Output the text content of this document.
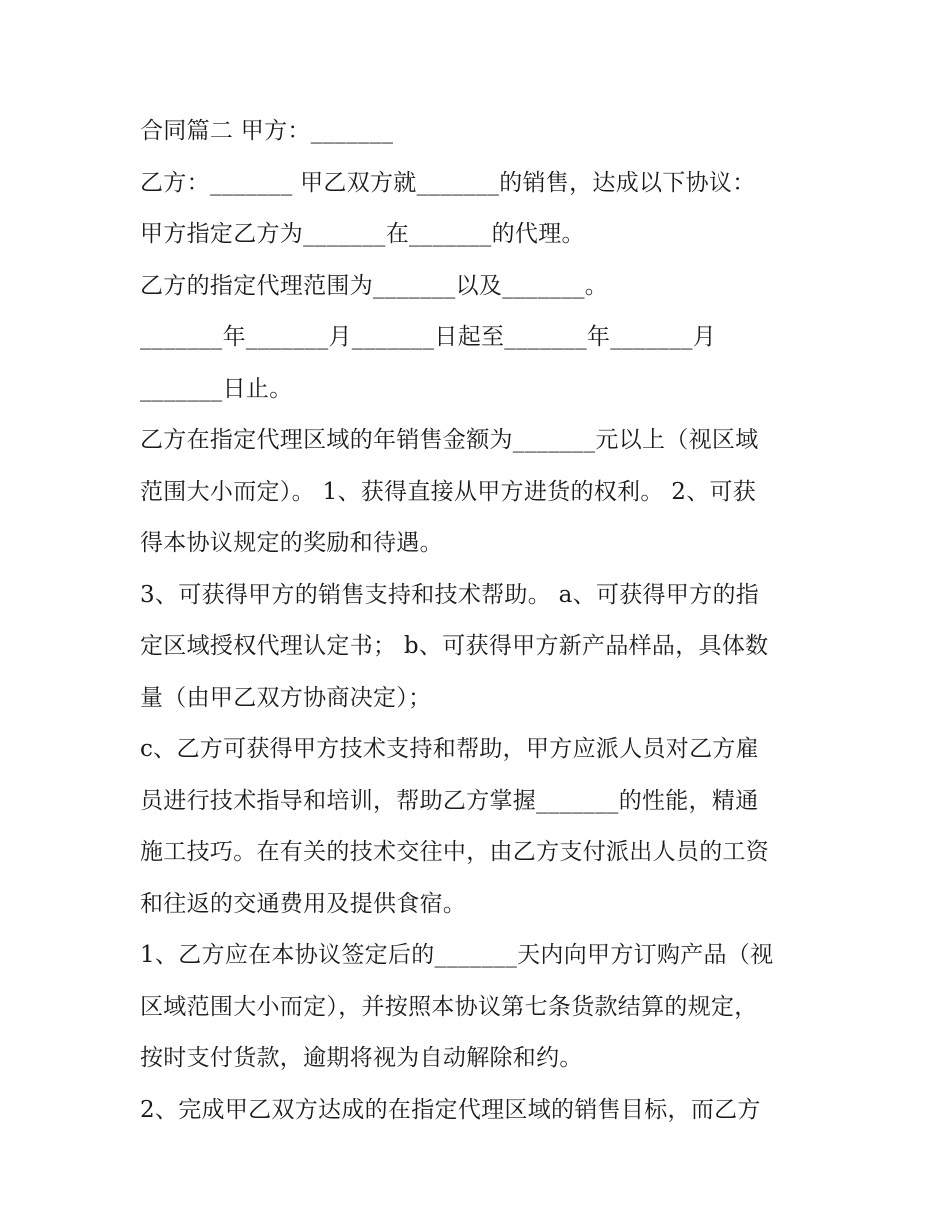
合同篇二 甲方：_______
乙方：_______ 甲乙双方就_______的销售，达成以下协议：
甲方指定乙方为_______在_______的代理。
乙方的指定代理范围为_______以及_______。
_______年_______月_______日起至_______年_______月
_______日止。
乙方在指定代理区域的年销售金额为_______元以上（视区域
范围大小而定）。 1、获得直接从甲方进货的权利。 2、可获
得本协议规定的奖励和待遇。
3、可获得甲方的销售支持和技术帮助。 a、可获得甲方的指
定区域授权代理认定书； b、可获得甲方新产品样品，具体数
量（由甲乙双方协商决定）；
c、乙方可获得甲方技术支持和帮助，甲方应派人员对乙方雇
员进行技术指导和培训，帮助乙方掌握_______的性能，精通
施工技巧。在有关的技术交往中，由乙方支付派出人员的工资
和往返的交通费用及提供食宿。
1、乙方应在本协议签定后的_______天内向甲方订购产品（视
区域范围大小而定），并按照本协议第七条货款结算的规定，
按时支付货款，逾期将视为自动解除和约。
2、完成甲乙双方达成的在指定代理区域的销售目标，而乙方
